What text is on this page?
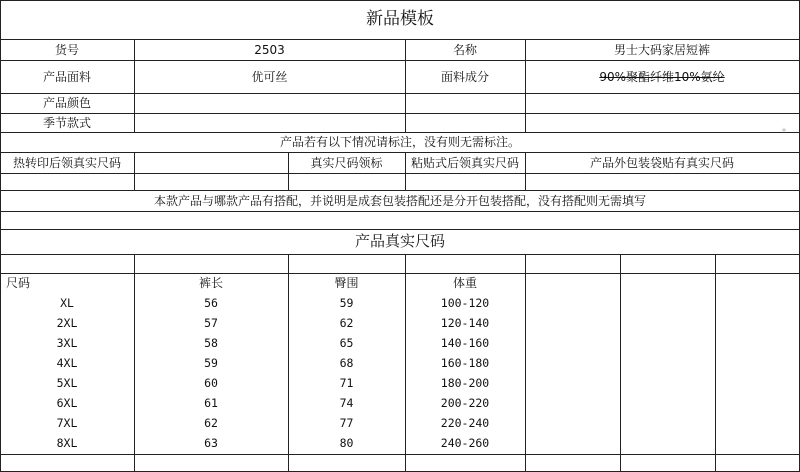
新品模板
货号	2503	名称	男士大码家居短裤
产品面料	优可丝	面料成分	90%聚酯纤维10%氨纶
产品颜色
季节款式
产品若有以下情况请标注，没有则无需标注。
热转印后领真实尺码	真实尺码领标	粘贴式后领真实尺码	产品外包装袋贴有真实尺码
本款产品与哪款产品有搭配，并说明是成套包装搭配还是分开包装搭配，没有搭配则无需填写
产品真实尺码
尺码	裤长	臀围	体重
XL	56	59	100-120
2XL	57	62	120-140
3XL	58	65	140-160
4XL	59	68	160-180
5XL	60	71	180-200
6XL	61	74	200-220
7XL	62	77	220-240
8XL	63	80	240-260
